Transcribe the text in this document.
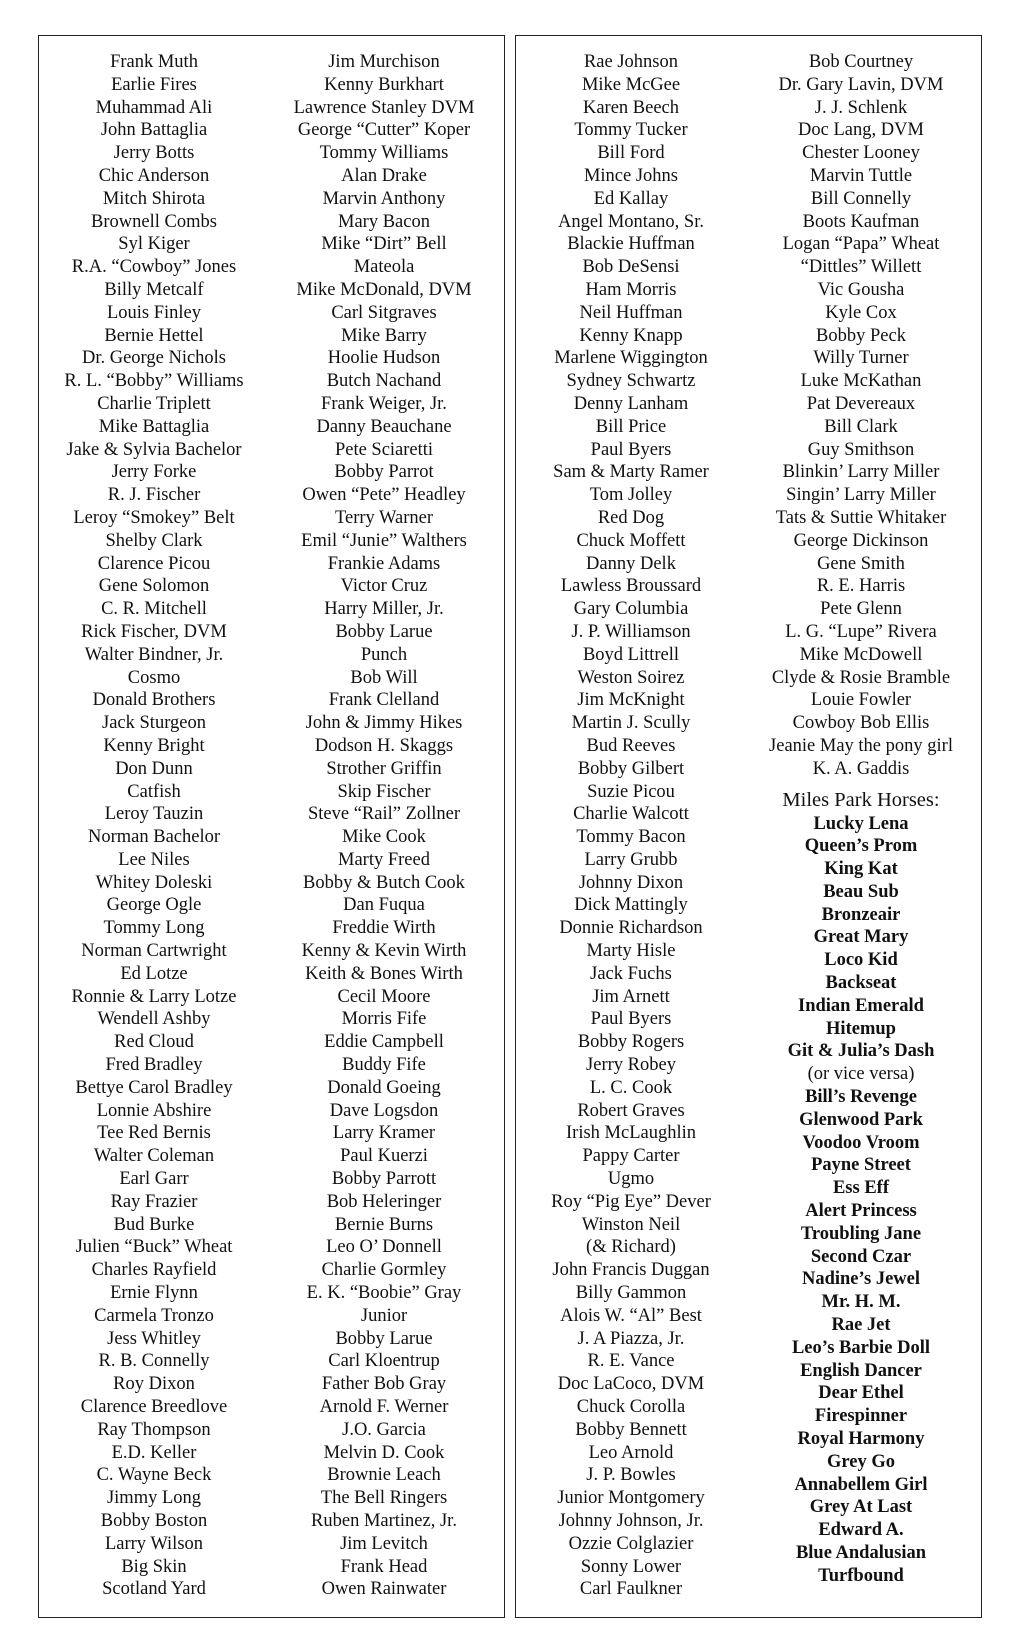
Frank Muth
Earlie Fires
Muhammad Ali
John Battaglia
Jerry Botts
Chic Anderson
Mitch Shirota
Brownell Combs
Syl Kiger
R.A. “Cowboy” Jones
Billy Metcalf
Louis Finley
Bernie Hettel
Dr. George Nichols
R. L. “Bobby” Williams
Charlie Triplett
Mike Battaglia
Jake & Sylvia Bachelor
Jerry Forke
R. J. Fischer
Leroy “Smokey” Belt
Shelby Clark
Clarence Picou
Gene Solomon
C. R. Mitchell
Rick Fischer, DVM
Walter Bindner, Jr.
Cosmo
Donald Brothers
Jack Sturgeon
Kenny Bright
Don Dunn
Catfish
Leroy Tauzin
Norman Bachelor
Lee Niles
Whitey Doleski
George Ogle
Tommy Long
Norman Cartwright
Ed Lotze
Ronnie & Larry Lotze
Wendell Ashby
Red Cloud
Fred Bradley
Bettye Carol Bradley
Lonnie Abshire
Tee Red Bernis
Walter Coleman
Earl Garr
Ray Frazier
Bud Burke
Julien “Buck” Wheat
Charles Rayfield
Ernie Flynn
Carmela Tronzo
Jess Whitley
R. B. Connelly
Roy Dixon
Clarence Breedlove
Ray Thompson
E.D. Keller
C. Wayne Beck
Jimmy Long
Bobby Boston
Larry Wilson
Big Skin
Scotland Yard
Jim Murchison
Kenny Burkhart
Lawrence Stanley DVM
George “Cutter” Koper
Tommy Williams
Alan Drake
Marvin Anthony
Mary Bacon
Mike “Dirt” Bell
Mateola
Mike McDonald, DVM
Carl Sitgraves
Mike Barry
Hoolie Hudson
Butch Nachand
Frank Weiger, Jr.
Danny Beauchane
Pete Sciaretti
Bobby Parrot
Owen “Pete” Headley
Terry Warner
Emil “Junie” Walthers
Frankie Adams
Victor Cruz
Harry Miller, Jr.
Bobby Larue
Punch
Bob Will
Frank Clelland
John & Jimmy Hikes
Dodson H. Skaggs
Strother Griffin
Skip Fischer
Steve “Rail” Zollner
Mike Cook
Marty Freed
Bobby & Butch Cook
Dan Fuqua
Freddie Wirth
Kenny & Kevin Wirth
Keith & Bones Wirth
Cecil Moore
Morris Fife
Eddie Campbell
Buddy Fife
Donald Goeing
Dave Logsdon
Larry Kramer
Paul Kuerzi
Bobby Parrott
Bob Heleringer
Bernie Burns
Leo O’ Donnell
Charlie Gormley
E. K. “Boobie” Gray
Junior
Bobby Larue
Carl Kloentrup
Father Bob Gray
Arnold F. Werner
J.O. Garcia
Melvin D. Cook
Brownie Leach
The Bell Ringers
Ruben Martinez, Jr.
Jim Levitch
Frank Head
Owen Rainwater
Rae Johnson
Mike McGee
Karen Beech
Tommy Tucker
Bill Ford
Mince Johns
Ed Kallay
Angel Montano, Sr.
Blackie Huffman
Bob DeSensi
Ham Morris
Neil Huffman
Kenny Knapp
Marlene Wiggington
Sydney Schwartz
Denny Lanham
Bill Price
Paul Byers
Sam & Marty Ramer
Tom Jolley
Red Dog
Chuck Moffett
Danny Delk
Lawless Broussard
Gary Columbia
J. P. Williamson
Boyd Littrell
Weston Soirez
Jim McKnight
Martin J. Scully
Bud Reeves
Bobby Gilbert
Suzie Picou
Charlie Walcott
Tommy Bacon
Larry Grubb
Johnny Dixon
Dick Mattingly
Donnie Richardson
Marty Hisle
Jack Fuchs
Jim Arnett
Paul Byers
Bobby Rogers
Jerry Robey
L. C. Cook
Robert Graves
Irish McLaughlin
Pappy Carter
Ugmo
Roy “Pig Eye” Dever
Winston Neil
(& Richard)
John Francis Duggan
Billy Gammon
Alois W. “Al” Best
J. A Piazza, Jr.
R. E. Vance
Doc LaCoco, DVM
Chuck Corolla
Bobby Bennett
Leo Arnold
J. P. Bowles
Junior Montgomery
Johnny Johnson, Jr.
Ozzie Colglazier
Sonny Lower
Carl Faulkner
Bob Courtney
Dr. Gary Lavin, DVM
J. J. Schlenk
Doc Lang, DVM
Chester Looney
Marvin Tuttle
Bill Connelly
Boots Kaufman
Logan “Papa” Wheat
“Dittles” Willett
Vic Gousha
Kyle Cox
Bobby Peck
Willy Turner
Luke McKathan
Pat Devereaux
Bill Clark
Guy Smithson
Blinkin’ Larry Miller
Singin’ Larry Miller
Tats & Suttie Whitaker
George Dickinson
Gene Smith
R. E. Harris
Pete Glenn
L. G. “Lupe” Rivera
Mike McDowell
Clyde & Rosie Bramble
Louie Fowler
Cowboy Bob Ellis
Jeanie May the pony girl
K. A. Gaddis
Miles Park Horses:
Lucky Lena
Queen’s Prom
King Kat
Beau Sub
Bronzeair
Great Mary
Loco Kid
Backseat
Indian Emerald
Hitemup
Git & Julia’s Dash
(or vice versa)
Bill’s Revenge
Glenwood Park
Voodoo Vroom
Payne Street
Ess Eff
Alert Princess
Troubling Jane
Second Czar
Nadine’s Jewel
Mr. H. M.
Rae Jet
Leo’s Barbie Doll
English Dancer
Dear Ethel
Firespinner
Royal Harmony
Grey Go
Annabellem Girl
Grey At Last
Edward A.
Blue Andalusian
Turfbound
